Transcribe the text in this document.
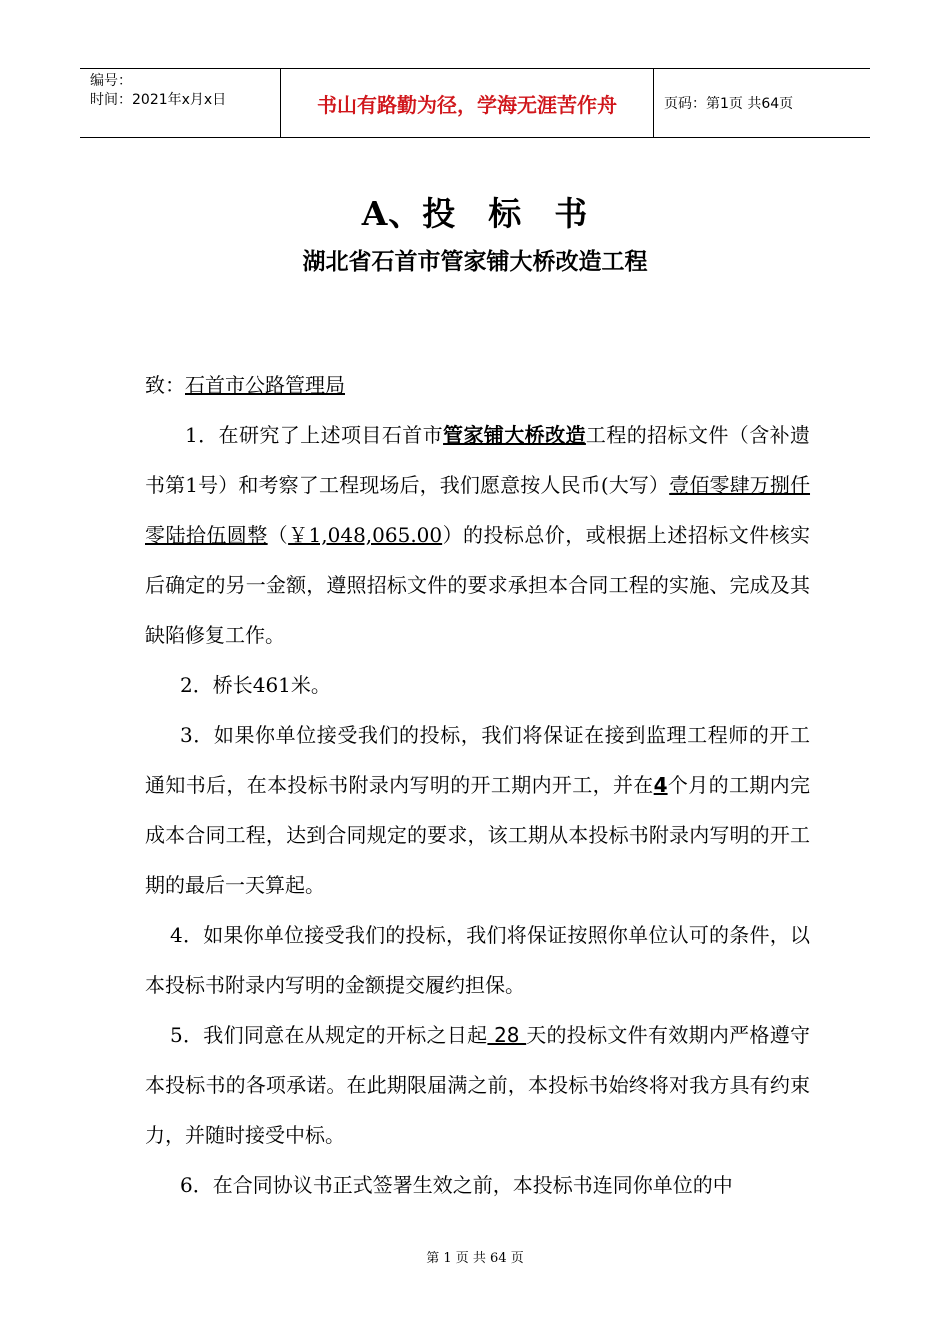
编号：
时间：2021年x月x日	书山有路勤为径，学海无涯苦作舟	页码：第1页 共64页
A、投 标 书
湖北省石首市管家铺大桥改造工程

致：石首市公路管理局

1．在研究了上述项目石首市管家铺大桥改造工程的招标文件（含补遗书第1号）和考察了工程现场后，我们愿意按人民币(大写）壹佰零肆万捌仟零陆拾伍圆整（￥1,048,065.00）的投标总价，或根据上述招标文件核实后确定的另一金额，遵照招标文件的要求承担本合同工程的实施、完成及其缺陷修复工作。

2．桥长461米。

3．如果你单位接受我们的投标，我们将保证在接到监理工程师的开工通知书后，在本投标书附录内写明的开工期内开工，并在4个月的工期内完成本合同工程，达到合同规定的要求，该工期从本投标书附录内写明的开工期的最后一天算起。

4．如果你单位接受我们的投标，我们将保证按照你单位认可的条件，以本投标书附录内写明的金额提交履约担保。

5．我们同意在从规定的开标之日起 28 天的投标文件有效期内严格遵守本投标书的各项承诺。在此期限届满之前，本投标书始终将对我方具有约束力，并随时接受中标。

6．在合同协议书正式签署生效之前，本投标书连同你单位的中

第 1 页 共 64 页
